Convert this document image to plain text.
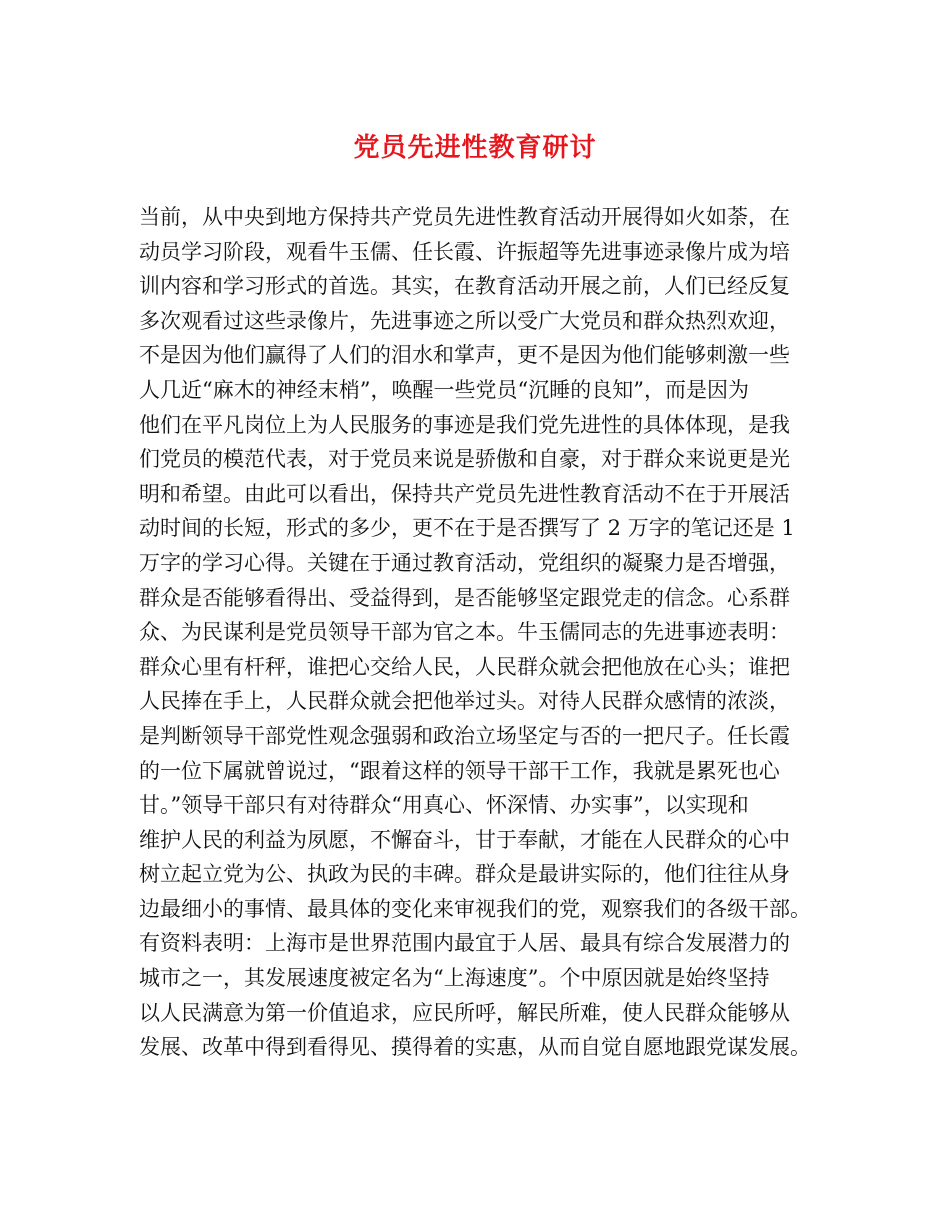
党员先进性教育研讨
当前，从中央到地方保持共产党员先进性教育活动开展得如火如荼，在
动员学习阶段，观看牛玉儒、任长霞、许振超等先进事迹录像片成为培
训内容和学习形式的首选。其实，在教育活动开展之前，人们已经反复
多次观看过这些录像片，先进事迹之所以受广大党员和群众热烈欢迎，
不是因为他们赢得了人们的泪水和掌声，更不是因为他们能够刺激一些
人几近“麻木的神经末梢”，唤醒一些党员“沉睡的良知”，而是因为
他们在平凡岗位上为人民服务的事迹是我们党先进性的具体体现，是我
们党员的模范代表，对于党员来说是骄傲和自豪，对于群众来说更是光
明和希望。由此可以看出，保持共产党员先进性教育活动不在于开展活
动时间的长短，形式的多少，更不在于是否撰写了 2 万字的笔记还是 1
万字的学习心得。关键在于通过教育活动，党组织的凝聚力是否增强，
群众是否能够看得出、受益得到，是否能够坚定跟党走的信念。心系群
众、为民谋利是党员领导干部为官之本。牛玉儒同志的先进事迹表明：
群众心里有杆秤，谁把心交给人民，人民群众就会把他放在心头；谁把
人民捧在手上，人民群众就会把他举过头。对待人民群众感情的浓淡，
是判断领导干部党性观念强弱和政治立场坚定与否的一把尺子。任长霞
的一位下属就曾说过，“跟着这样的领导干部干工作，我就是累死也心
甘。”领导干部只有对待群众“用真心、怀深情、办实事”，以实现和
维护人民的利益为夙愿，不懈奋斗，甘于奉献，才能在人民群众的心中
树立起立党为公、执政为民的丰碑。群众是最讲实际的，他们往往从身
边最细小的事情、最具体的变化来审视我们的党，观察我们的各级干部。
有资料表明：上海市是世界范围内最宜于人居、最具有综合发展潜力的
城市之一，其发展速度被定名为“上海速度”。个中原因就是始终坚持
以人民满意为第一价值追求，应民所呼，解民所难，使人民群众能够从
发展、改革中得到看得见、摸得着的实惠，从而自觉自愿地跟党谋发展。
